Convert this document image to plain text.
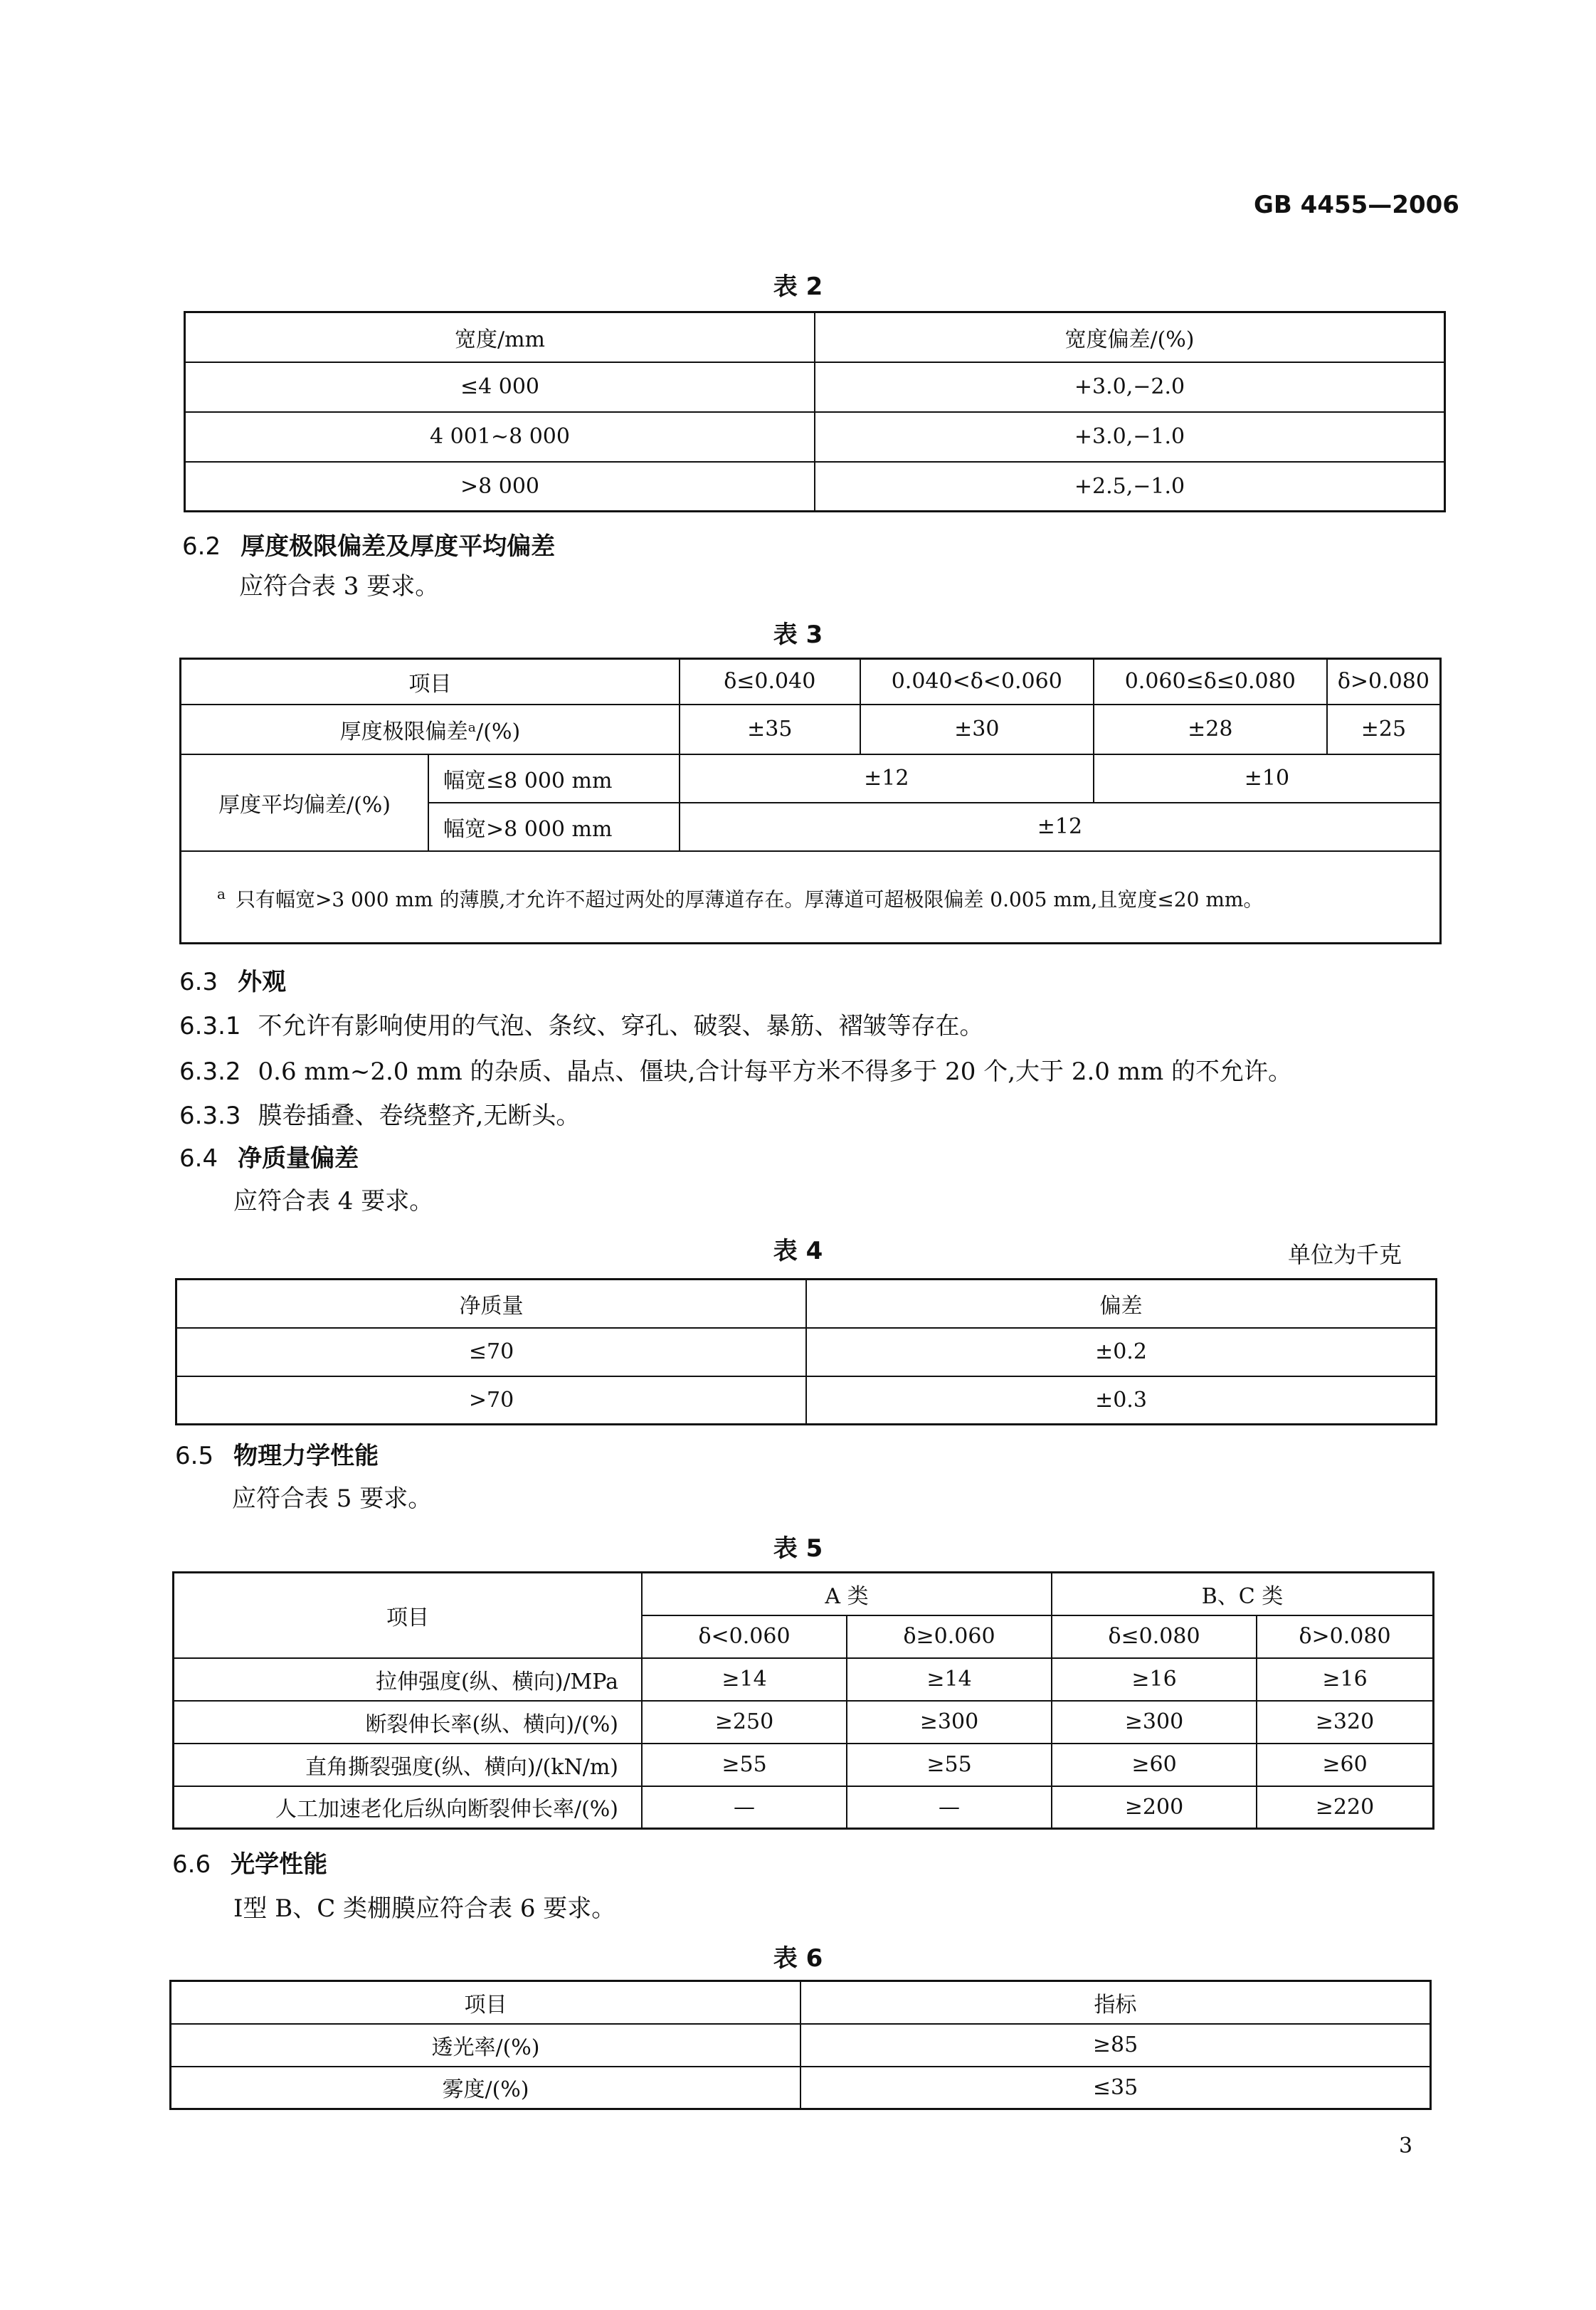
GB 4455—2006
表 2
宽度/mm	宽度偏差/(%)
≤4 000	+3.0,−2.0
4 001~8 000	+3.0,−1.0
>8 000	+2.5,−1.0
6.2 厚度极限偏差及厚度平均偏差
应符合表 3 要求。
表 3
项目		δ≤0.040	0.040<δ<0.060	0.060≤δ≤0.080	δ>0.080
厚度极限偏差ᵃ/(%)		±35	±30	±28	±25
厚度平均偏差/(%)	幅宽≤8 000 mm	±12		±10	
	幅宽>8 000 mm	±12			
$^a$ 只有幅宽>3 000 mm 的薄膜,才允许不超过两处的厚薄道存在。厚薄道可超极限偏差 0.005 mm,且宽度≤20 mm。					
6.3 外观
6.3.1 不允许有影响使用的气泡、条纹、穿孔、破裂、暴筋、褶皱等存在。
6.3.2 0.6 mm~2.0 mm 的杂质、晶点、僵块,合计每平方米不得多于 20 个,大于 2.0 mm 的不允许。
6.3.3 膜卷插叠、卷绕整齐,无断头。
6.4 净质量偏差
应符合表 4 要求。
表 4	单位为千克
净质量	偏差
≤70	±0.2
>70	±0.3
6.5 物理力学性能
应符合表 5 要求。
表 5
项目	A 类		B、C 类	
	δ<0.060	δ≥0.060	δ≤0.080	δ>0.080
拉伸强度(纵、横向)/MPa	≥14	≥14	≥16	≥16
断裂伸长率(纵、横向)/(%)	≥250	≥300	≥300	≥320
直角撕裂强度(纵、横向)/(kN/m)	≥55	≥55	≥60	≥60
人工加速老化后纵向断裂伸长率/(%)	—	—	≥200	≥220
6.6 光学性能
Ⅰ型 B、C 类棚膜应符合表 6 要求。
表 6
项目	指标
透光率/(%)	≥85
雾度/(%)	≤35
3
